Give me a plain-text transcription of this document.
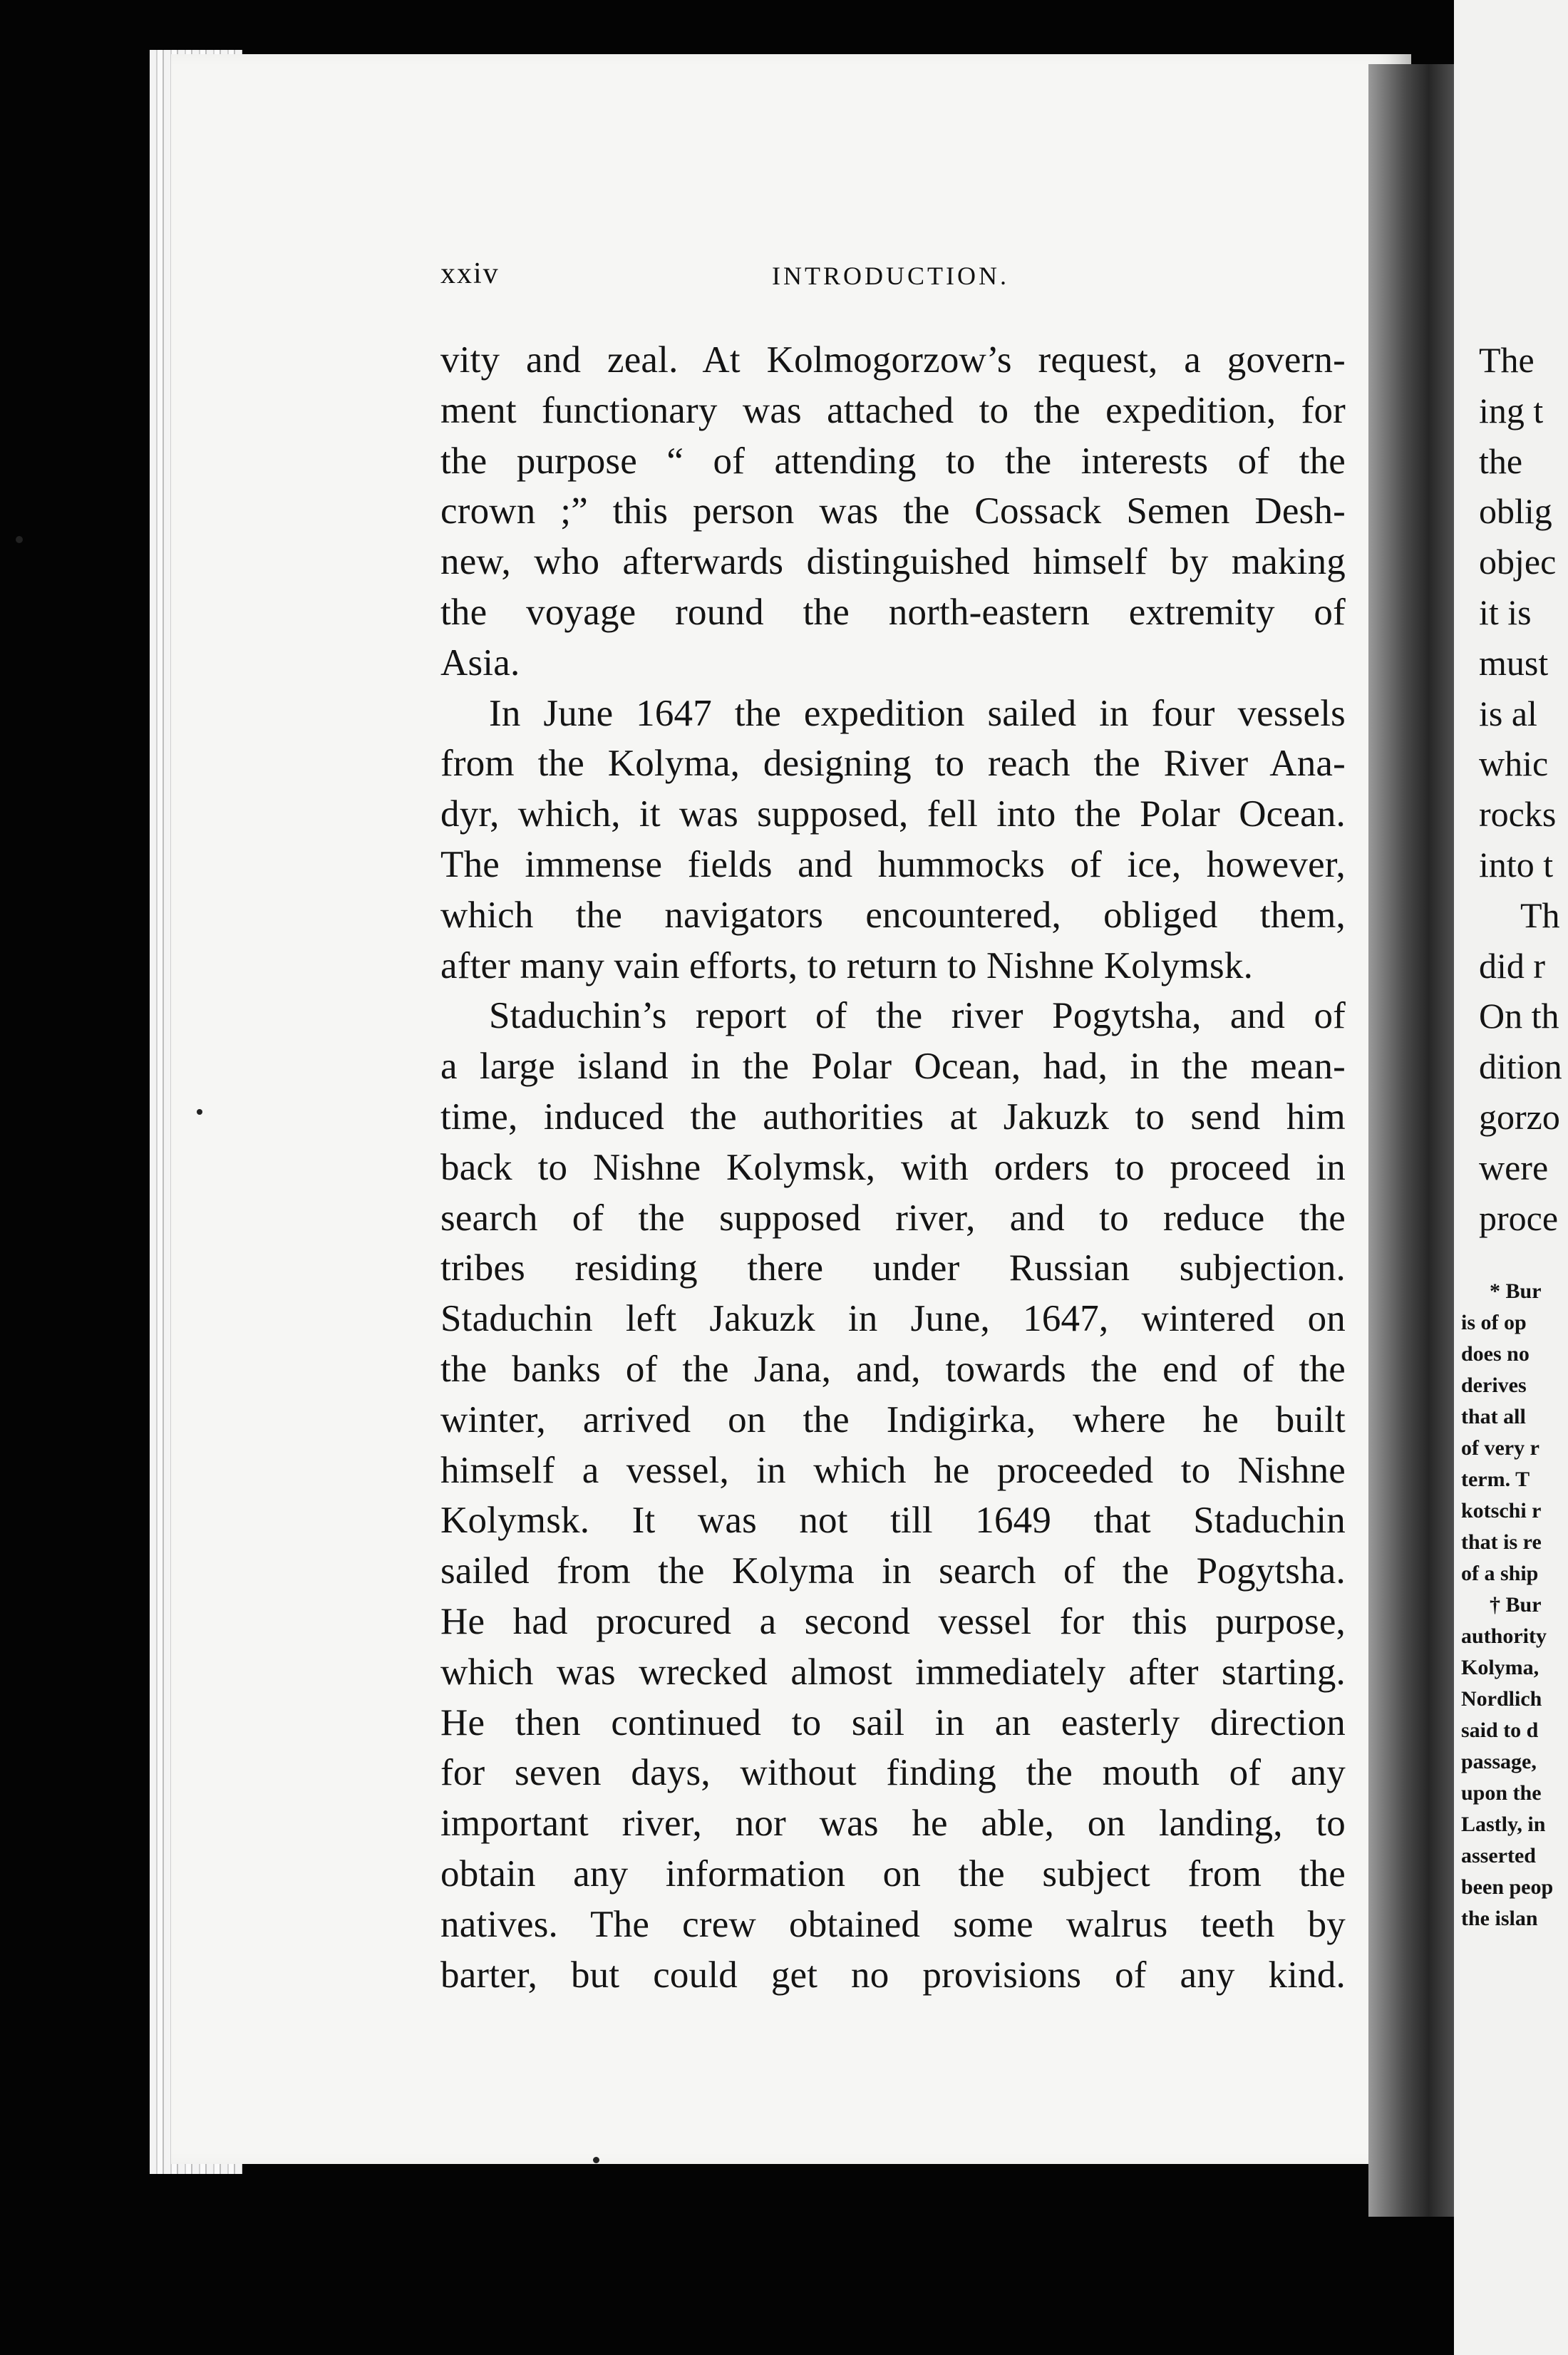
xxiv	INTRODUCTION.
vity and zeal. At Kolmogorzow’s request, a govern-
ment functionary was attached to the expedition, for
the purpose “ of attending to the interests of the
crown ;” this person was the Cossack Semen Desh-
new, who afterwards distinguished himself by making
the voyage round the north-eastern extremity of
Asia.
In June 1647 the expedition sailed in four vessels
from the Kolyma, designing to reach the River Ana-
dyr, which, it was supposed, fell into the Polar Ocean.
The immense fields and hummocks of ice, however,
which the navigators encountered, obliged them,
after many vain efforts, to return to Nishne Kolymsk.
Staduchin’s report of the river Pogytsha, and of
a large island in the Polar Ocean, had, in the mean-
time, induced the authorities at Jakuzk to send him
back to Nishne Kolymsk, with orders to proceed in
search of the supposed river, and to reduce the
tribes residing there under Russian subjection.
Staduchin left Jakuzk in June, 1647, wintered on
the banks of the Jana, and, towards the end of the
winter, arrived on the Indigirka, where he built
himself a vessel, in which he proceeded to Nishne
Kolymsk. It was not till 1649 that Staduchin
sailed from the Kolyma in search of the Pogytsha.
He had procured a second vessel for this purpose,
which was wrecked almost immediately after starting.
He then continued to sail in an easterly direction
for seven days, without finding the mouth of any
important river, nor was he able, on landing, to
obtain any information on the subject from the
natives. The crew obtained some walrus teeth by
barter, but could get no provisions of any kind.
The
ing t
the
oblig
objec
it is
must
is al
whic
rocks
into t
Th
did r
On th
dition
gorzo
were
proce
* Bur
is of op
does no
derives
that all
of very r
term. T
kotschi r
that is re
of a ship
† Bur
authority
Kolyma,
Nordlich
said to d
passage,
upon the
Lastly, in
asserted
been peop
the islan
